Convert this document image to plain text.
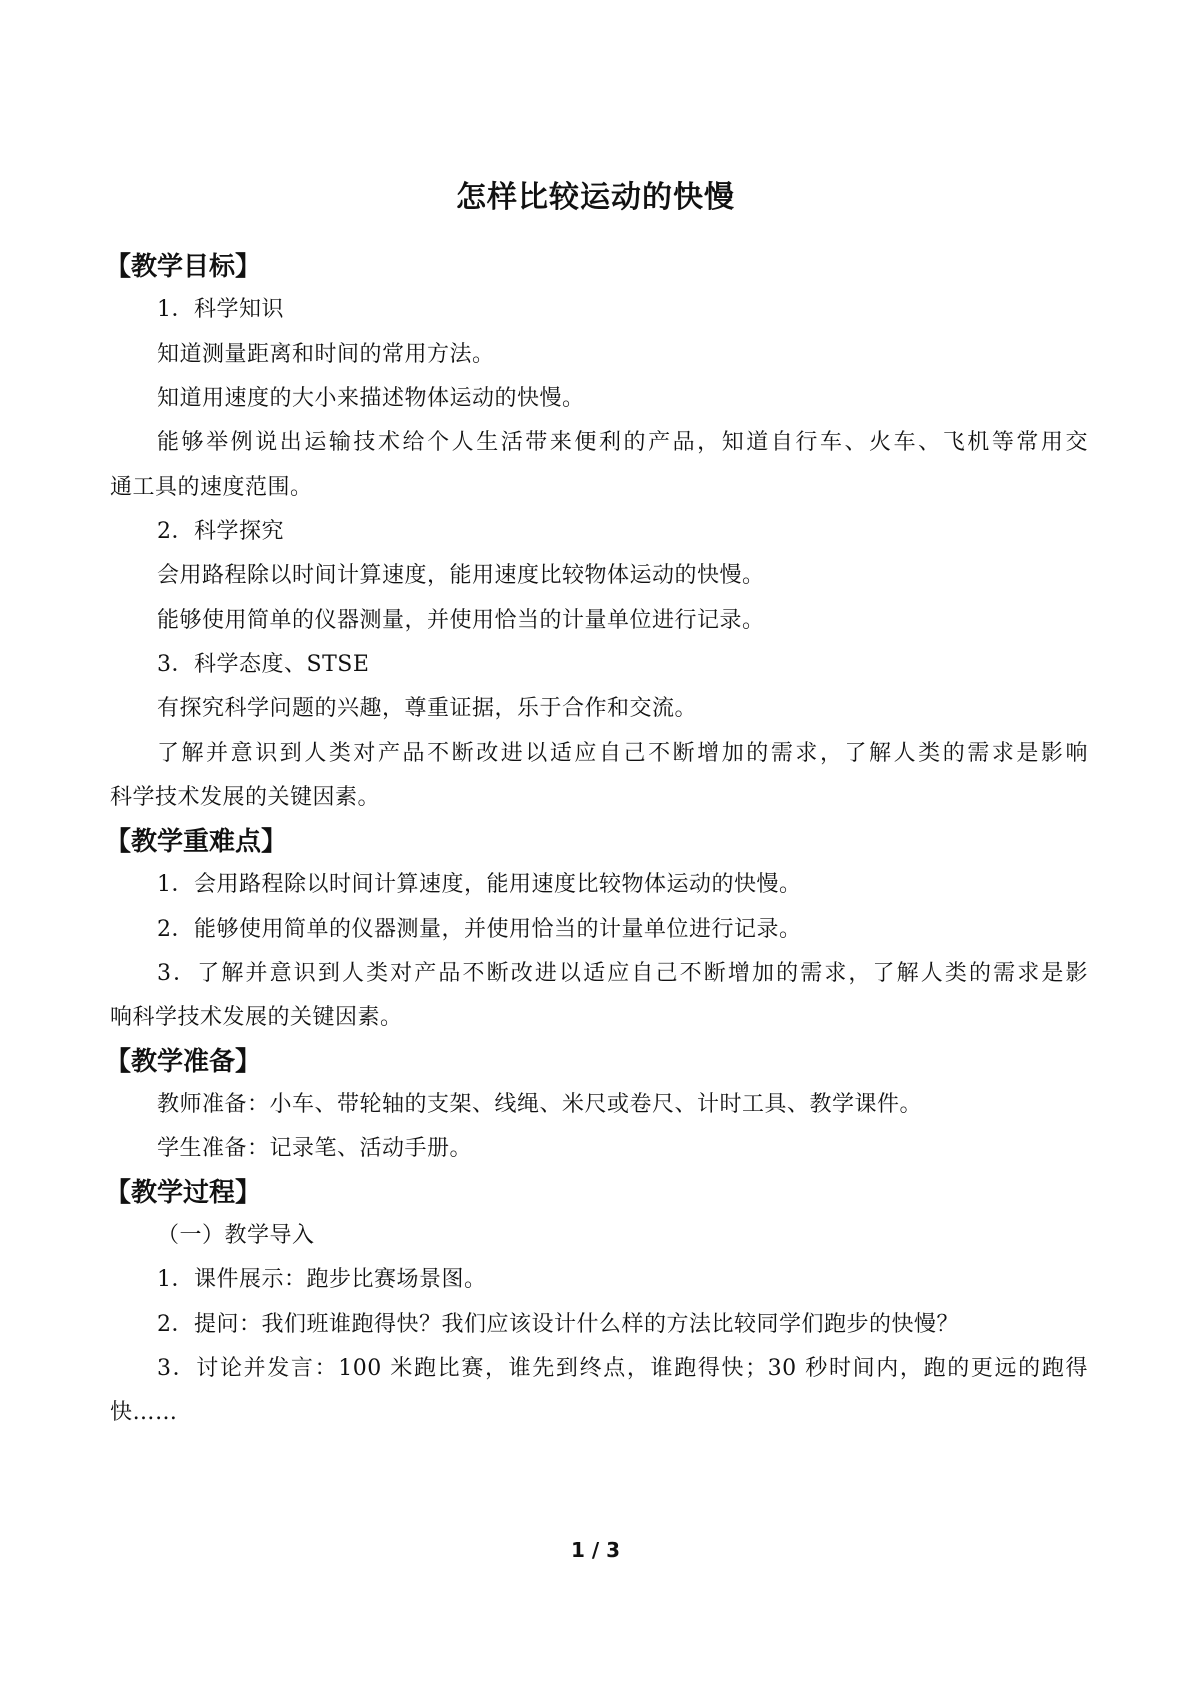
怎样比较运动的快慢
【教学目标】
1．科学知识
知道测量距离和时间的常用方法。
知道用速度的大小来描述物体运动的快慢。
能够举例说出运输技术给个人生活带来便利的产品，知道自行车、火车、飞机等常用交
通工具的速度范围。
2．科学探究
会用路程除以时间计算速度，能用速度比较物体运动的快慢。
能够使用简单的仪器测量，并使用恰当的计量单位进行记录。
3．科学态度、STSE
有探究科学问题的兴趣，尊重证据，乐于合作和交流。
了解并意识到人类对产品不断改进以适应自己不断增加的需求，了解人类的需求是影响
科学技术发展的关键因素。
【教学重难点】
1．会用路程除以时间计算速度，能用速度比较物体运动的快慢。
2．能够使用简单的仪器测量，并使用恰当的计量单位进行记录。
3．了解并意识到人类对产品不断改进以适应自己不断增加的需求，了解人类的需求是影
响科学技术发展的关键因素。
【教学准备】
教师准备：小车、带轮轴的支架、线绳、米尺或卷尺、计时工具、教学课件。
学生准备：记录笔、活动手册。
【教学过程】
（一）教学导入
1．课件展示：跑步比赛场景图。
2．提问：我们班谁跑得快？我们应该设计什么样的方法比较同学们跑步的快慢？
3．讨论并发言：100 米跑比赛，谁先到终点，谁跑得快；30 秒时间内，跑的更远的跑得
快……
1 / 3
